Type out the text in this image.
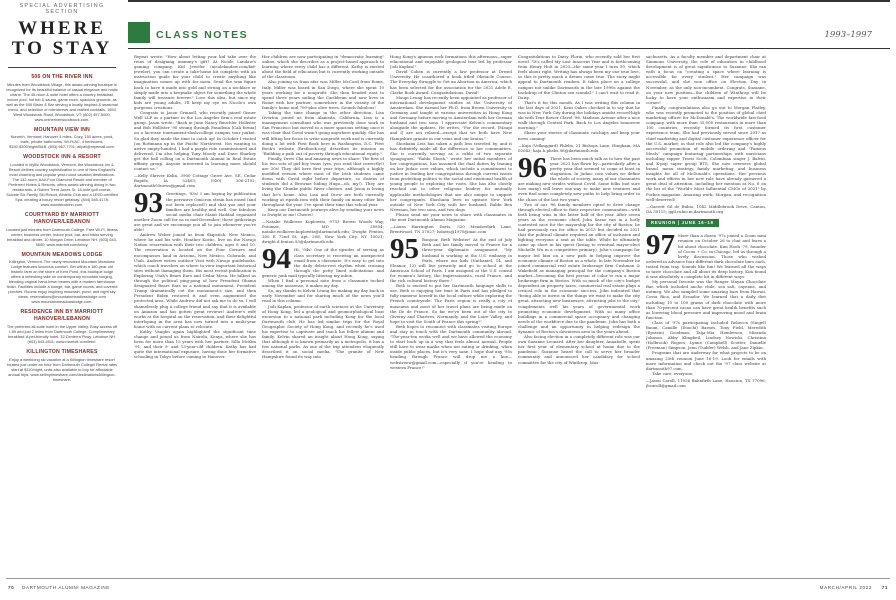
SPECIAL ADVERTISING SECTION
WHERE TO STAY
506 ON THE RIVER INN

Minutes from Woodstock Village, this award-winning boutique is recognized for its beautiful balance of casual elegance and rustic charm. The 45-room & suite hotel offers a country breakfast, indoor pool, hot tub & sauna, game room, spacious grounds, as well as the 506 Bistro & Bar serving a locally inspired & seasonal menu, and selection of microbrews and crafted cocktails. 1653 West Woodstock Road, Woodstock, VT; (802) 457-5000; www.ontheriverwoodstock.com.

MOUNTAIN VIEW INN

Norwich, Vermont; Hanover 4 miles. Cozy, 150 acres, pond, trails, private bathrooms, Wi-Fi/AC, 4 bedrooms, $150-$300/night/B&B. (603) 667-7701; allyall@myemail.com.

WOODSTOCK INN & RESORT

Located in idyllic Woodstock, Vermont, the Woodstock Inn & Resort defines country sophistication in one of New England's most charming and popular year-round vacation destinations. The 142-room, AAA Four Diamond Resort and member of Preferred Hotels & Resorts, offers award-winning dining in two restaurants, a Robert Trent Jones Sr. 18-hole golf course, Suicide Six Family Ski Resort, Athletic Club and a LEED-certified Spa, creating a luxury resort getaway. (844) 545-4178; www.woodstockinn.com.

COURTYARD BY MARRIOTT HANOVER/LEBANON

Located just minutes from Dartmouth College. Free Wi-Fi, fitness center, business center, indoor pool, bar, and bistro serving breakfast and dinner. 10 Morgan Drive, Lebanon NH. (603) 643-5600; www.marriott.com/lebcy.

MOUNTAIN MEADOWS LODGE

Killington, Vermont. The newly renovated Mountain Meadows Lodge features luxurious comfort. Set within a 180-year-old historic farm on the shore of Kent Pond, this boutique lodge offers a refreshing take on contemporary mountain lodging, blending original hand-hewn beams with a modern farmhouse finish. Facilities include a lounge, bar, game rooms, and covered porches. Rooms enjoy inspiring mountain, pond, and night sky views. reservations@mountainmeadowslodge.com www.mountainmeadowslodge.com.

RESIDENCE INN BY MARRIOTT HANOVER/LEBANON

The preferred all-suite hotel in the Upper Valley. Easy access off I-89 and just 2 miles from Dartmouth College. Complimentary breakfast. A pet-friendly hotel. 32 Centerra Pkwy, Lebanon NH. (603) 643-4511; www.marriott.com/lebri.

KILLINGTON TIMESHARES

Enjoy a weeklong ski vacation at a Killington timeshare resort located just under an hour from Dartmouth College! Rental rates start at $110/night, units also available to buy for affordable annual trips. www.sellmytimeshare.com/destinations/killington-timeshare.

CLASS NOTES	1993–1997

Repeat wrote: "How about letting your kid take over the reins of designing mommy's gift? At Nicole Landaw's gaming company, Kid Jeweler (nicolelandaw.com/kid-jeweler), you can create a take-home kit complete with an instruction guide for your child to create anything like imagination comes up with for mom. Send the wax figure back to have it made into gold and strung on a necklace or simply made into a keepsake object for something the whole family will treasure forever." Love this idea, but since my kids are young adults, I'll keep my eye on Nicole's own gorgeous creations.

Congrats to Jason Grinnell, who recently joined Gisner Well LLP as a partner in the Los Angeles firm's real estate group. Jason wrote: "Back in June Nancy Bauchler Hollister and Bob Hollister '90 swung through Pasadena [Cali fornia] on a lacrosse tournament-slash-college campus tour junket. So glad they made the time to catch up! In October I visited Jon Rottmann up in the Pacific Northwest. Not wanting to arrive empty-handed, I had a purple ride commissioned and delivered. I'm also helping Tony Moody and Dave Sharkey get the ball rolling on a Dartmouth Alumni in Real Estate affinity group. Anyone interested in learning more should contact us."

—Kelly Shriver Kolin, 3900 Cottage Grove Ave. SE, Cedar Rapids, IA 52403; (920) 206-2192; dartmouth93news@gmail.com

93 Greetings, '93s! I am hoping by publication the pervasive Omicron strain has eased (and not been replaced!) and that you and your families are healthy and well. Our fabulous social media chair Manit Haddad organized another Zoom call for us in mid-December; these gatherings are great and we encourage you all to join whenever you're able!

Andrew Weber joined us from Skipstick, New Mexico, where he and his wife, Heather Kostic, live on the Navajo Nation reservation with their two children, ages 8 and 10. The reservation is located on the Four Corners and encompasses land in Arizona, New Mexico, Colorado, and Utah. Andrew writes outdoor Visit with Navajo guidebooks, which coach travelers on where to view important historical sites without damaging them. His most recent publication is Exploring Utah's Bears Ears and Cedar Mesa. He talked us through the political ping-pong of how President Obama designated Bears Ears as a national monument, President Trump dramatically cut the monument's size, and then President Biden restored it and even augmented the protected area. While Andrew did not ask me to do so, I will shamelessly plug a college friend and say that it is available on Amazon and has gotten great reviews! Andrew's wife works at the hospital on the reservation, and their delightful interloping in the area has now turned into a multi-year home with no current plans to relocate.

Kathy Vaughn again highlighted the significant time change and joined us from Nairobi, Kenya, where she has been for more than 15 years with her partner, Silla McKim '91, and their 9- and 13-year-old children. Kathy has had quite the international exposure, having done her formative schooling in Tokyo before coming to Hanover.

Her children are now participating in "democratic learning" online, which she describes as a project-based approach to learning where every child has a different. Kathy is excited about the field of education but is currently working outside of the classroom.

Also joining us from afar was Miller McCord from Rome, Italy. Miller was based in San Diego, where she spent 10 years working for a nonprofit. She then headed east to spend three years sailing the Caribbean and now lives in Rome with her partner, somewhere in the vicinity of the family's home and 700-plus olive trees. Sounds fabulous!

Taking the time change in the other direction, Lisa Overton joined us from Alameda, California. Lisa is a management consultant who was previously done work in San Francisco but moved to a more spacious setting once it was clear that Covid wasn't going anywhere quickly. She has still lifting her focus to write nonprofit work and is currently doing a lot with First Book here in Washington, D.C. First Book's website (firstbook.org) describes its mission as "Building a path out of poverty through educational equity."

Finally, Drew Cha and amazing news to share: The first of his two sets of girl-boy twins (yes, you read that correctly!) are 20s! They did here first year trips, although a highly modified version where most of the Irish students came down with Covid right before departure, so dozens of students did a Brownie hiding Hugo—oh, my!). They are living the Chunke public River clusters, and Jason is loving that he's home. Also Lisa and Drew are both currently working at ripstik.com with their family on many other bits throughout the year. I've spent their time this school year.

Keep our Dartmouth journeys alive by sending your news to Dwight or me! Cheers!

—Natalie Wolkover Koplowitz, 9733 Brown Woods Way, Potomac, MD 20854; natalie.wolkover.koplowitz@dartmouth.edu; Dwight Fenton, 300 E 72nd St, Apt. 20E, New York City, NY 10021; dwight.d.fenton.93@dartmouth.edu

94 Hi, '94s! One of the upsides of serving as class secretary is receiving an unexpected email from a classmate. It's easy to get into the daily delete-rest rhythm when cruising through the petty lined solicitations and generic junk mail typically littering my inbox.

When I find a personal note from a classmate tucked among the nonsense, it makes my day.

So, my thanks to Kelvin Leung for making my day back in early November and for sharing much of the news you'll read in this column.

Jodi Kaplan, professor of earth sciences at the University of Hong Kong, led a geological and geomorphological boat excursion to a national park including Kong for the local Dartmouth club. He has led similar trips for the Royal Geographic Society of Hong Kong, and recently he's used his expertise to captivate and teach his fellow alumni and family. Kelvin shared an insight about Hong Kong, saying that although it is known primarily as a metropolis, it has a few national parks. As one of the trip attendees eloquently described it on social media, "The granite of New Hampshire found its way into

Hong Kong's igneous rock formations this afternoon—super educational and enjoyable geological tour led by professor Jodi Kaplan!"

David Cohen is currently a law professor at Drexel University. He coauthored a book titled Obstacle Course: The Everyday Struggle to Get an Abortion in America, which has been selected for the association for the 2021 Adele E. Clarke Book Award. Congratulations, David!

Maupi Leung has recently been appointed as professor of international development studies at the University of Amsterdam. She earned her Ph.D. from Brown University in Germany and taught at various universities in Hong Kong and Germany before moving to Amsterdam with her German husband and two sons. I appreciate Kelvin's commentary alongside the updates. He writes, "For the record, [Maupi and I] are not related—except that we both have New Hampshire granite in our veins and our brains."

Shoshana Leis has taken a path less traveled by, and it has definitely made all the difference to her communities. She is currently serving as a rabbi of two separate synagogues. "Rabbi Shosh," wrote her initial members of her congregations, has assumed the dual duties by leaning on her Judaic core values, which include a commitment to justice in leading her congregations through current issues from protesting politics to the social and emotional health of young people to exploring the roots. She has also closely reached out to other religious leaders for mutually applicable methodologies that are also unique to support her congregants. Shoshana lives in upstate New York outside of New York City with her husband, Rabbi Ben Newman, her two sons, and two dogs.

Please send me your news to share with classmates in the next Dartmouth Alumni Magazine.

—Laura Harrington Davis, 520 Meadowlark Lane, Brentwood, TN 37027; lsdavis@1970@mac.com

95 Bonjour, Beth Webster! At the end of July Beth and her family moved to France for a three-year diplomatic assignment. "My husband is working at the U.S. embassy in Paris, where our kids (Nathaniel, 14, and Eleanor, 12) will live privately and go to school at the American School of Paris. I am assigned at the U.S. consul for women's history, the Impressionists, rural France, and the rich cultural history there."

Beth is excited to put her Dartmouth language skills to use. Beth is enjoying her time in Paris and has pledged to fully immerse herself in the local culture while exploring the French countryside. The Paris region is really a city of museums and most of her travel plans are being made on the Ile de France. So far we've been out of the city to Giverny and Chartres, Normandy, and the Loire Valley, and hope to visit the South of France this spring!"

Beth hopes to reconnect with classmates visiting Europe and stay in touch with the Dartmouth community abroad. "The-year-ten works well and we have allowed the economy to start back up in a way that feels almost normal. People still have to wear masks when not eating or drinking, when inside public places, but it's very sane. I hope that any '95s heading through France will drop me a line—webstreew@gmail.com—especially if you're heading to western France!"

Congratulations to Daisy Florin, who recently sold her first novel. "It's called My Last Innocent Year and is forthcoming from Henry Holt in 2023—the same year I turn 50, which feels about right. Writing has always been my one true love, so this is pretty much a dream come true. The story might appeal to Dartmouth readers: It takes place on a college campus not unlike Dartmouth in the late 1990s against the backdrop of the Clinton sex scandal." I can't wait to read it, Daisy.

That's it for this month. As I was writing this column in the last days of 2021, Kent Oakes checked in to say that he was in New York City during the holidays amidst record-high ski with Tenz Bower Clavel '96. Madison Avenue after a nice walk through Central Park. Back to Los Angeles tomorrow morning."

Share your stories of classmate catchups and keep your news coming!

—Kaja (Velkaggard) Phlebs, 21 Bishops Lane, Hingham, MA 02043; kaja.h.phebs.96@dartmouth.edu

96 There has been much talk as to how the past year 2021 has flown by—particularly after a pretty year that seemed to come at least in stagnation. In Judaic core values we define the whole of society, many of our classmates are making new strides without Covid. Some folks (not sure how many) will leave one-way to make new ventures and even find some completely new paths to help bring order to the chaos of the last two years.

Two of our '96 family members opted to drive change through elected office to their respective communities—with both being wins in the latter half of the year. After seven years as the economic chief, John Sarno ran in a hotly contested race for the mayorship for the city of Boston; he had previously run for office in 2013 but decided in 2021 that the political climate required an office of inclusion and lighting everyone a seat at the table. While he ultimately came up short in his quest (losing to eventual mayor-elect Michelle Wu in a competitive primary), John's campaign for mayor led him on a new path in helping improve the economic climate of Boston as a whole. In late November he joined commercial real estate brokerage firm Cushman & Wakefield as managing principal for the company's Boston market—becoming the first person of color to run a major brokerage firm in Boston. With so much of the city's budget dependent on property taxes, commercial real estate plays a critical role in the economic success. John indicated that "being able to invest in the things we want to make the city great, attracting new businesses, attracting jobs to the city," complements well his years of governmental work promoting economic development. With so many office buildings in a commercial space occupancy and changing needs of the workforce due to the pandemic, John has both a challenge and an opportunity in helping redesign the dynamic of Boston's downtown area in the years ahead.

Also facing election in a completely different role was our own Suzanne Leonard. After her daughter, Annabelle, spent her first year of elementary school at home due to the pandemic, Suzanne heard the call to serve her broader community and announced her candidacy for school committee for the city of Winthrop, Mas-

sachusetts. As a faculty member and department chair at Simmons University, the role of educators in childhood development is of great significance to Suzanne. She ran with a focus on "creating a space where learning is accessible for every student." Her campaign was successful, and she won office on Election Day in November, as the only non-incumbent. Congrats, Suzanne, on your new position—the children of Winthrop will be lucky to have your enthusiasm and expertise in their corner!

Finally, congratulations also go out to Morgan Flatley, who was recently promoted to the position of global chief marketing officer for McDonald's. The worldwide fast-food company, with more than 35,000 restaurants in more than 100 countries, recently formed its first customer experience team. She had previously served since 2017 as chief marketing and digital customer experience officer for the U.S. market; in that role also led the company's highly successful promotion of mobile ordering and "Famous Meals" campaign featuring partnerships with musicians including rapper Travis Scott, Colombian singer J. Balvin, and K-pop super group BTS. She now oversees global brand, menu strategy, family marketing, and business insights for all of McDonald's operations. Her previous work and efforts in her new role have already garnered a great deal of attention, including her mention at No. 6 on the list of the "World's Most Influential CMOs of 2021" by Forbes magazine. Amazing work, Morgan, and recognition well-deserved!

—Garrett Gil de Rubio, 1042 Middlebrook Drive, Canton, GA 30115; ggil.rubio.m.dartmouth.org

REUNION | JUNE 16–19

97 More than a dozen '97s joined a Zoom mini reunion on October 26 to chat and learn a bit about chocolate. Kim Hoeh '79, founder of Cocoa + Co. in Chicago, led us through a lively discussion. Those who wished ordered in advance four different dark chocolate bars each, tasted from tray. Sounds like fun! We learned all the ways to taste chocolate and all about its deep history. Kim found it was absolutely a complete hit in different ways.

My personal favorite was the Ranger Mayan Chocolate Bar, which included anche chile, sea salt, cayenne, and nutmeg. We also sampled some amazing bars from Hawaii, Costa Rica, and Ecuador. We learned that a daily diet including 10 to 100 grams of dark chocolate with more than 70-percent cacao can have great health benefits such as lowering blood pressure and improving mood and brain function.

Class of '97s participating included Rebecca (Siegel) Baum, Camille (Doochi) Barnes, Tony Field, Meredith (Epstein) Goodman, Taija-Mia Henderson, Miranda Johnson, Abby Klingbeil, Lindsey Nowicki, Christina (Holbrook) Rogers, Lynne (Campbell) Scotter, Danielle (Freeman) Simpson, Jenn (Tudder) Welsh, and Jane Zipkin.

Programs that are underway for what projects to be on amazing 25th reunion June 16-19. Look for emails with more information and check out the '97 class website at dartmouth97.com.

Take care, everyone,

—Jason Caroll, 11026 Bahnfirth Lane, Houston, TX 77096; jbcaroll@gmail.com

70 DARTMOUTH ALUMNI MAGAZINE	MARCH/APRIL 2022 71
